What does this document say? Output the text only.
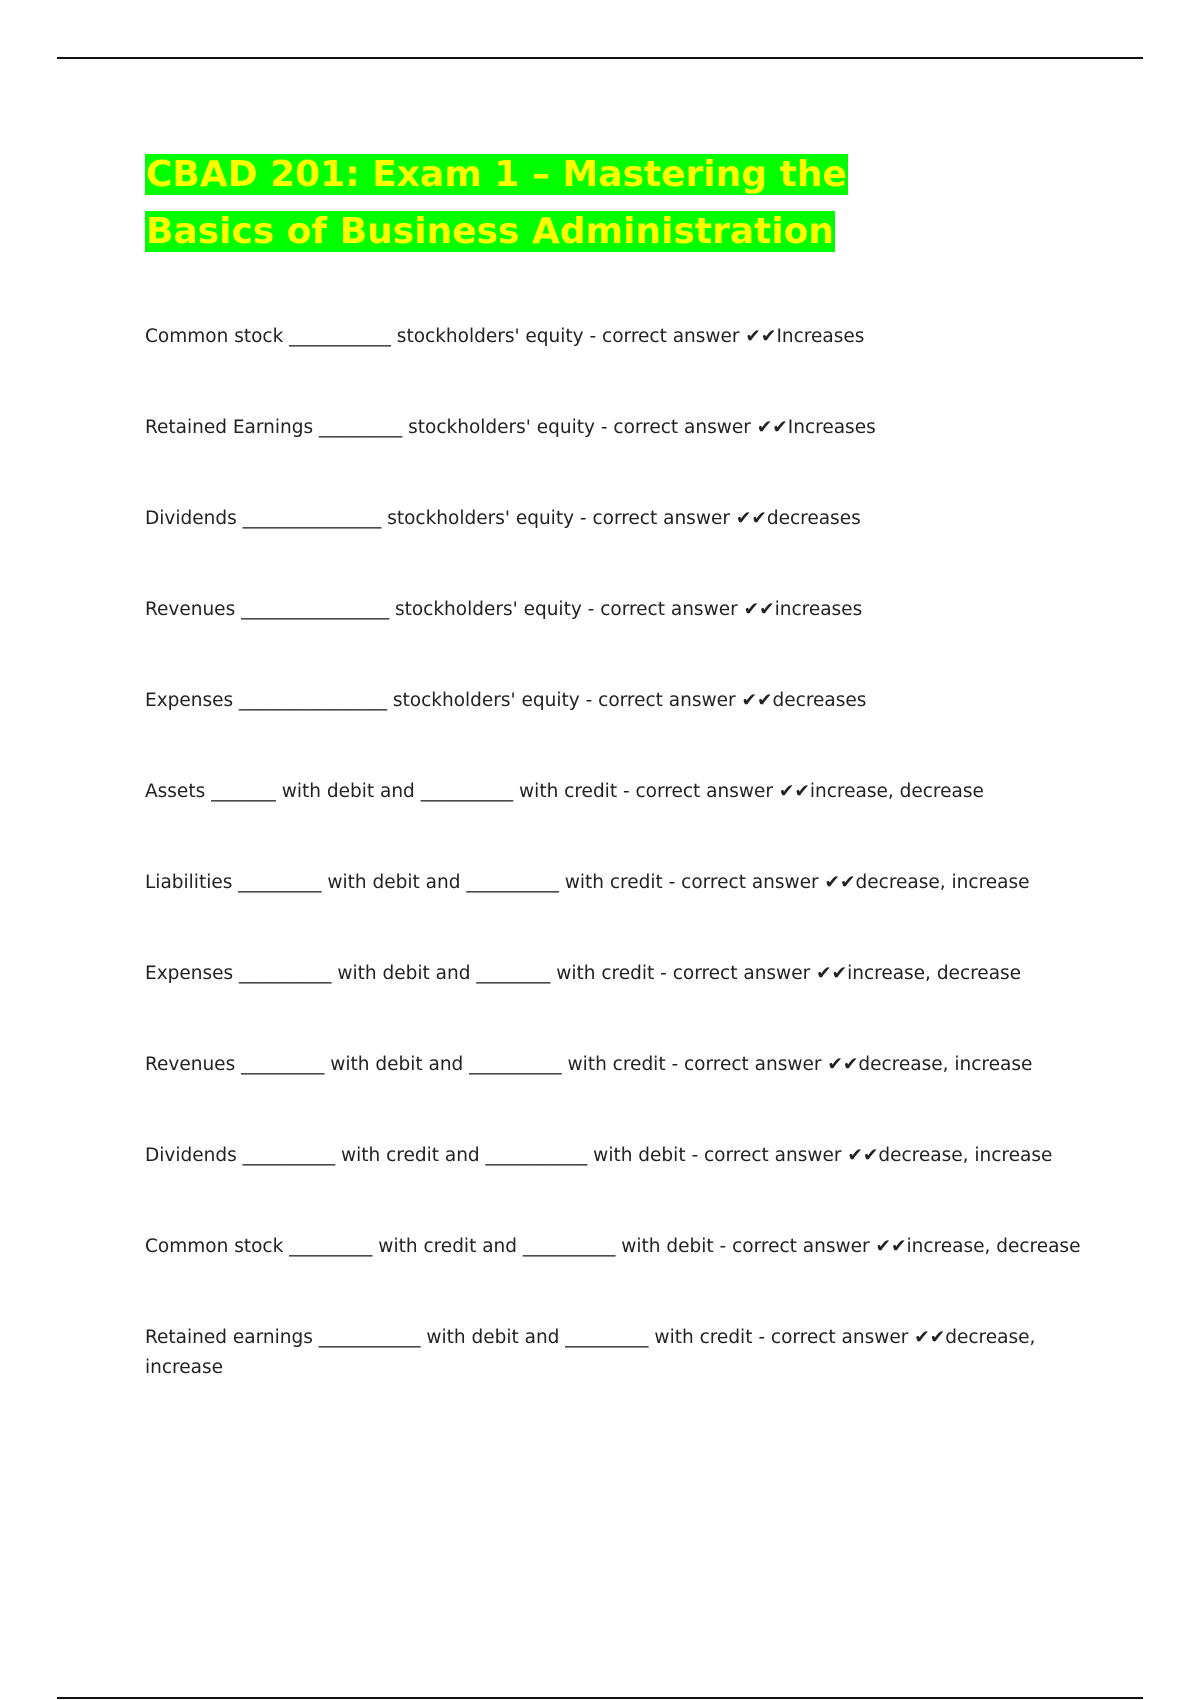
CBAD 201: Exam 1 – Mastering the Basics of Business Administration
Common stock ___________ stockholders' equity - correct answer ✔✔Increases
Retained Earnings _________ stockholders' equity - correct answer ✔✔Increases
Dividends _______________ stockholders' equity - correct answer ✔✔decreases
Revenues ________________ stockholders' equity - correct answer ✔✔increases
Expenses ________________ stockholders' equity - correct answer ✔✔decreases
Assets _______ with debit and __________ with credit - correct answer ✔✔increase, decrease
Liabilities _________ with debit and __________ with credit - correct answer ✔✔decrease, increase
Expenses __________ with debit and ________ with credit - correct answer ✔✔increase, decrease
Revenues _________ with debit and __________ with credit - correct answer ✔✔decrease, increase
Dividends __________ with credit and ___________ with debit - correct answer ✔✔decrease, increase
Common stock _________ with credit and __________ with debit - correct answer ✔✔increase, decrease
Retained earnings ___________ with debit and _________ with credit - correct answer ✔✔decrease, increase
